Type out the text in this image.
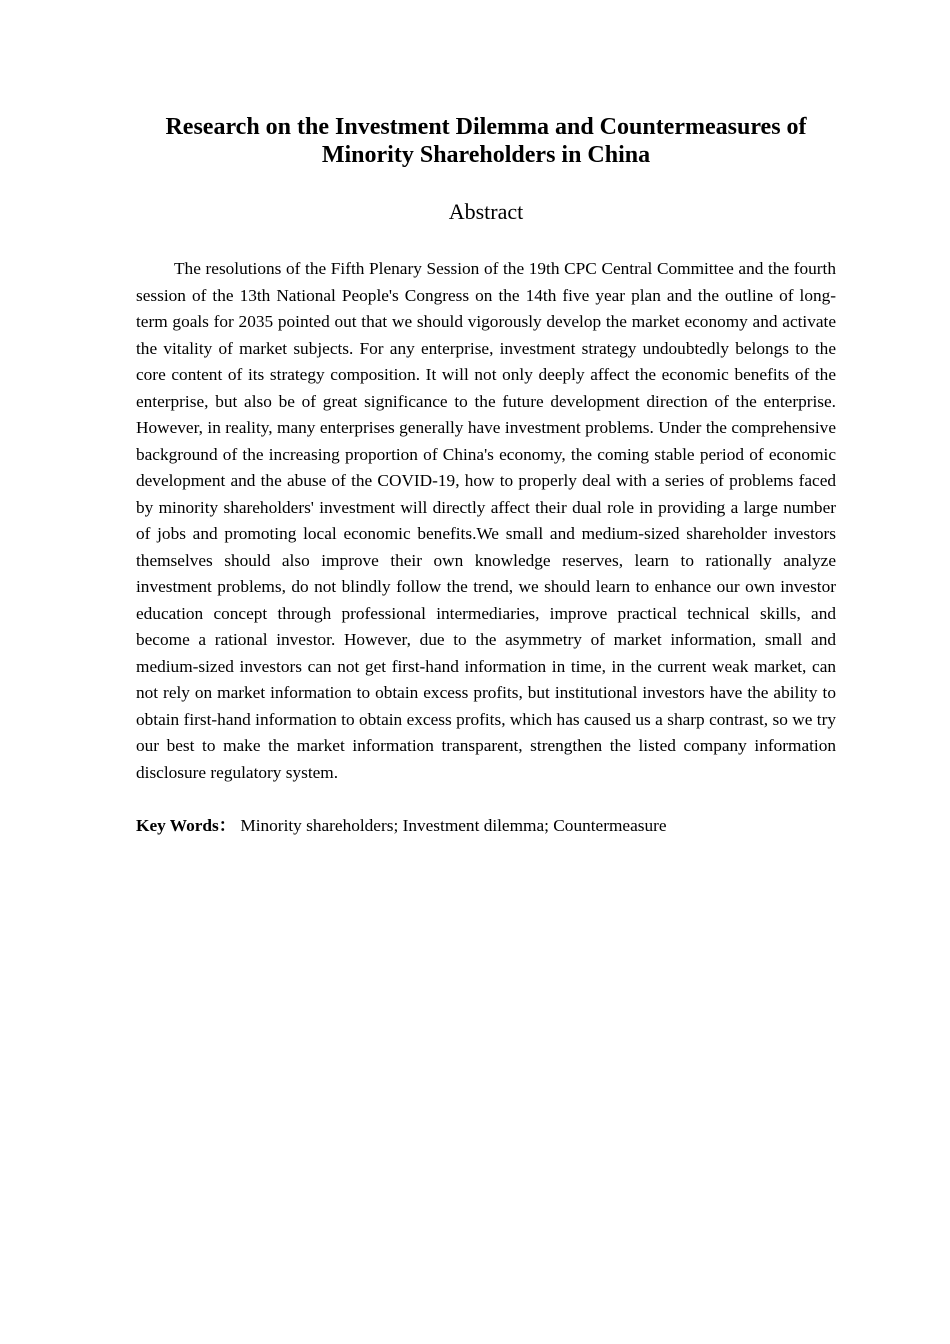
Research on the Investment Dilemma and Countermeasures of Minority Shareholders in China
Abstract

The resolutions of the Fifth Plenary Session of the 19th CPC Central Committee and the fourth session of the 13th National People's Congress on the 14th five year plan and the outline of long-term goals for 2035 pointed out that we should vigorously develop the market economy and activate the vitality of market subjects. For any enterprise, investment strategy undoubtedly belongs to the core content of its strategy composition. It will not only deeply affect the economic benefits of the enterprise, but also be of great significance to the future development direction of the enterprise. However, in reality, many enterprises generally have investment problems. Under the comprehensive background of the increasing proportion of China's economy, the coming stable period of economic development and the abuse of the COVID-19, how to properly deal with a series of problems faced by minority shareholders' investment will directly affect their dual role in providing a large number of jobs and promoting local economic benefits.We small and medium-sized shareholder investors themselves should also improve their own knowledge reserves, learn to rationally analyze investment problems, do not blindly follow the trend, we should learn to enhance our own investor education concept through professional intermediaries, improve practical technical skills, and become a rational investor. However, due to the asymmetry of market information, small and medium-sized investors can not get first-hand information in time, in the current weak market, can not rely on market information to obtain excess profits, but institutional investors have the ability to obtain first-hand information to obtain excess profits, which has caused us a sharp contrast, so we try our best to make the market information transparent, strengthen the listed company information disclosure regulatory system.

Key Words： Minority shareholders; Investment dilemma; Countermeasure
